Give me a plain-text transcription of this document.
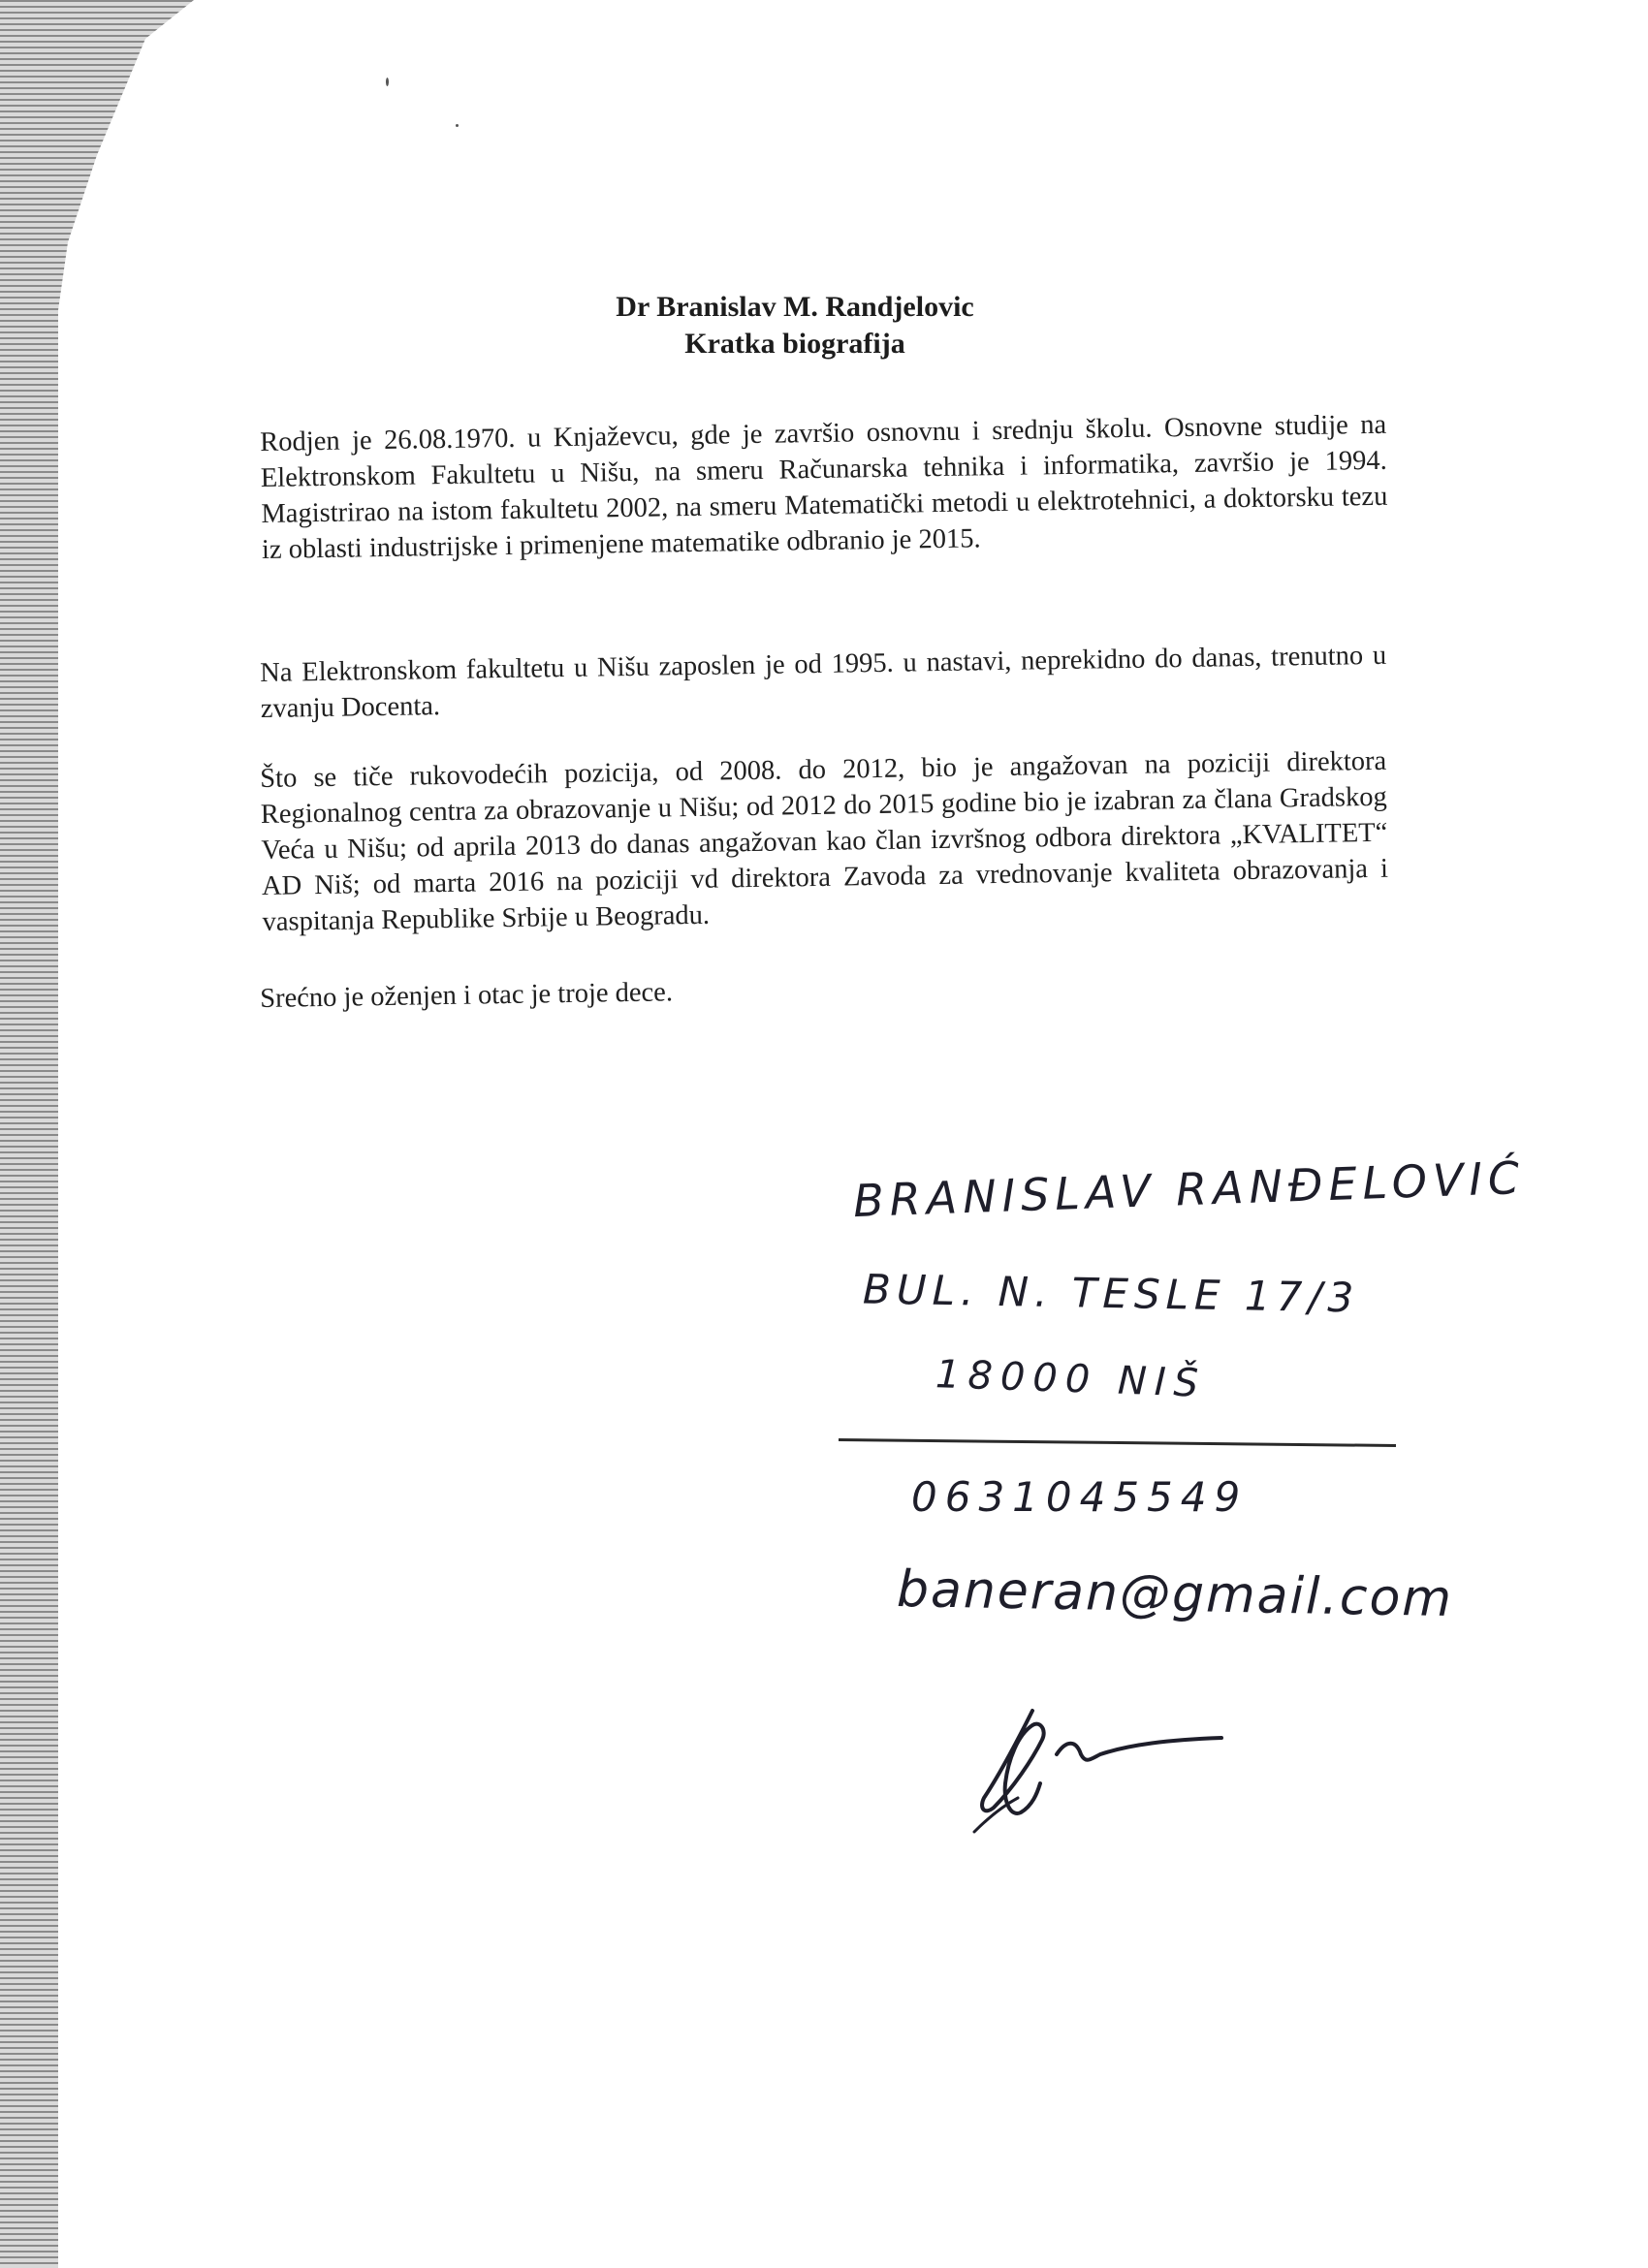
Dr Branislav M. Randjelovic
Kratka biografija
Rodjen je 26.08.1970. u Knjaževcu, gde je završio osnovnu i srednju školu. Osnovne studije na Elektronskom Fakultetu u Nišu, na smeru Računarska tehnika i informatika, završio je 1994. Magistrirao na istom fakultetu 2002, na smeru Matematički metodi u elektrotehnici, a doktorsku tezu iz oblasti industrijske i primenjene matematike odbranio je 2015.
Na Elektronskom fakultetu u Nišu zaposlen je od 1995. u nastavi, neprekidno do danas, trenutno u zvanju Docenta.
Što se tiče rukovodećih pozicija, od 2008. do 2012, bio je angažovan na poziciji direktora Regionalnog centra za obrazovanje u Nišu; od 2012 do 2015 godine bio je izabran za člana Gradskog Veća u Nišu; od aprila 2013 do danas angažovan kao član izvršnog odbora direktora „KVALITET“ AD Niš; od marta 2016 na poziciji vd direktora Zavoda za vrednovanje kvaliteta obrazovanja i vaspitanja Republike Srbije u Beogradu.
Srećno je oženjen i otac je troje dece.
BRANISLAV RANĐELOVIĆ
BUL. N. TESLE 17/3
18000 NIŠ
0631045549
baneran@gmail.com
